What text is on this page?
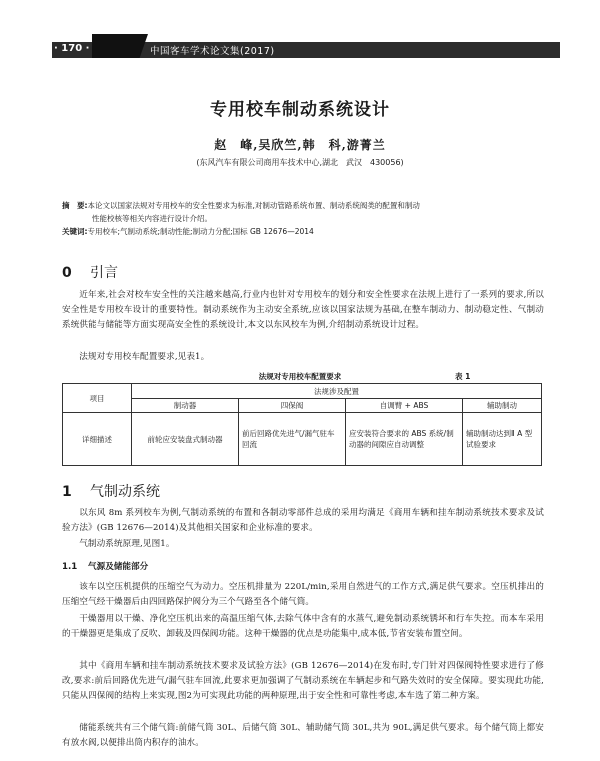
· 170 ·	中国客车学术论文集(2017)
专用校车制动系统设计
赵　峰,吴欣竺,韩　科,游菁兰
(东风汽车有限公司商用车技术中心,湖北　武汉　430056)
摘　要:本论文以国家法规对专用校车的安全性要求为标准,对制动管路系统布置、制动系统阀类的配置和制动
性能校核等相关内容进行设计介绍。
关键词:专用校车;气制动系统;制动性能;制动力分配;国标 GB 12676—2014
0 引言
近年来,社会对校车安全性的关注越来越高,行业内也针对专用校车的划分和安全性要求在法规上进行了一系列的要求,所以安全性是专用校车设计的重要特性。制动系统作为主动安全系统,应该以国家法规为基础,在整车制动力、制动稳定性、气制动系统供能与储能等方面实现高安全性的系统设计,本文以东风校车为例,介绍制动系统设计过程。
法规对专用校车配置要求,见表1。
法规对专用校车配置要求	表 1
项目	法规涉及配置			
	制动器	四保阀	自调臂 + ABS	辅助制动
详细描述	前轮应安装盘式制动器	前后回路优先进气/漏气驻车回流	应安装符合要求的 ABS 系统/制动器的间隙应自动调整	辅助制动达到Ⅱ A 型试验要求
1 气制动系统
以东风 8m 系列校车为例,气制动系统的布置和各制动零部件总成的采用均满足《商用车辆和挂车制动系统技术要求及试验方法》(GB 12676—2014)及其他相关国家和企业标准的要求。
气制动系统原理,见图1。
1.1 气源及储能部分
该车以空压机提供的压缩空气为动力。空压机排量为 220L/min,采用自然进气的工作方式,满足供气要求。空压机排出的压缩空气经干燥器后由四回路保护阀分为三个气路至各个储气筒。
干燥器用以干燥、净化空压机出来的高温压缩气体,去除气体中含有的水蒸气,避免制动系统锈坏和行车失控。而本车采用的干燥器更是集成了反吹、卸载及四保阀功能。这种干燥器的优点是功能集中,成本低,节省安装布置空间。
其中《商用车辆和挂车制动系统技术要求及试验方法》(GB 12676—2014)在发布时,专门针对四保阀特性要求进行了修改,要求:前后回路优先进气/漏气驻车回流,此要求更加强调了气制动系统在车辆起步和气路失效时的安全保障。要实现此功能,只能从四保阀的结构上来实现,图2为可实现此功能的两种原理,出于安全性和可靠性考虑,本车选了第二种方案。
储能系统共有三个储气筒:前储气筒 30L、后储气筒 30L、辅助储气筒 30L,共为 90L,满足供气要求。每个储气筒上都安有放水阀,以便排出筒内积存的油水。
